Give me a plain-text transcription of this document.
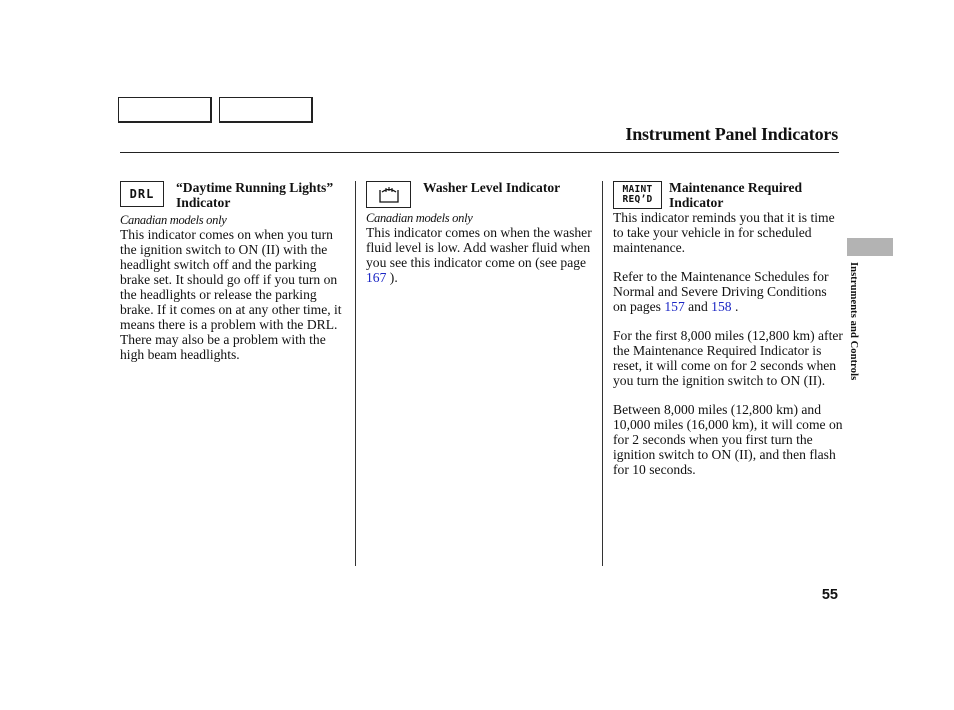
Instrument Panel Indicators
DRL	“Daytime Running Lights” Indicator
Canadian models only

This indicator comes on when you turn the ignition switch to ON (II) with the headlight switch off and the parking brake set. It should go off if you turn on the headlights or release the parking brake. If it comes on at any other time, it means there is a problem with the DRL. There may also be a problem with the high beam headlights.

Washer Level Indicator
Canadian models only

This indicator comes on when the washer fluid level is low. Add washer fluid when you see this indicator come on (see page 167 ).

MAINT
REQ’D
Maintenance Required Indicator

This indicator reminds you that it is time to take your vehicle in for scheduled maintenance.

Refer to the Maintenance Schedules for Normal and Severe Driving Conditions on pages 157 and 158 .

For the first 8,000 miles (12,800 km) after the Maintenance Required Indicator is reset, it will come on for 2 seconds when you turn the ignition switch to ON (II).

Between 8,000 miles (12,800 km) and 10,000 miles (16,000 km), it will come on for 2 seconds when you first turn the ignition switch to ON (II), and then flash for 10 seconds.

Instruments and Controls
55
